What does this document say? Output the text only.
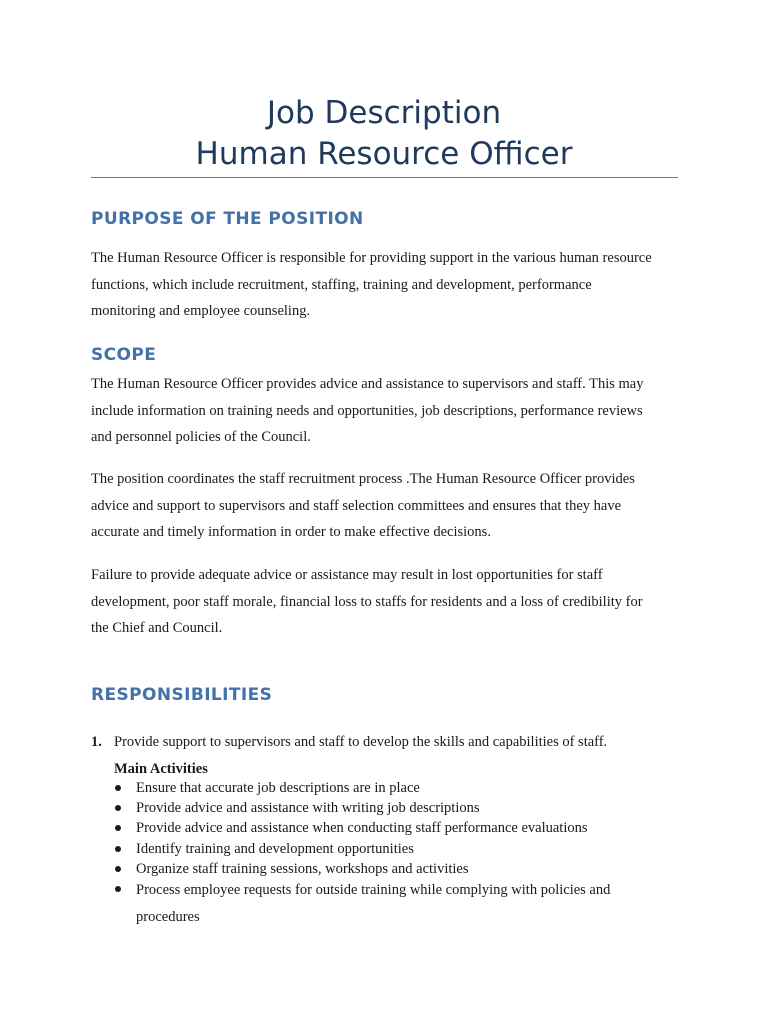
Job Description
Human Resource Officer
PURPOSE OF THE POSITION
The Human Resource Officer is responsible for providing support in the various human resource
functions, which include recruitment, staffing, training and development, performance
monitoring and employee counseling.
SCOPE
The Human Resource Officer provides advice and assistance to supervisors and staff. This may
include information on training needs and opportunities, job descriptions, performance reviews
and personnel policies of the Council.
The position coordinates the staff recruitment process .The Human Resource Officer provides
advice and support to supervisors and staff selection committees and ensures that they have
accurate and timely information in order to make effective decisions.
Failure to provide adequate advice or assistance may result in lost opportunities for staff
development, poor staff morale, financial loss to staffs for residents and a loss of credibility for
the Chief and Council.
RESPONSIBILITIES
1. Provide support to supervisors and staff to develop the skills and capabilities of staff.
Main Activities
Ensure that accurate job descriptions are in place
Provide advice and assistance with writing job descriptions
Provide advice and assistance when conducting staff performance evaluations
Identify training and development opportunities
Organize staff training sessions, workshops and activities
Process employee requests for outside training while complying with policies and
procedures
